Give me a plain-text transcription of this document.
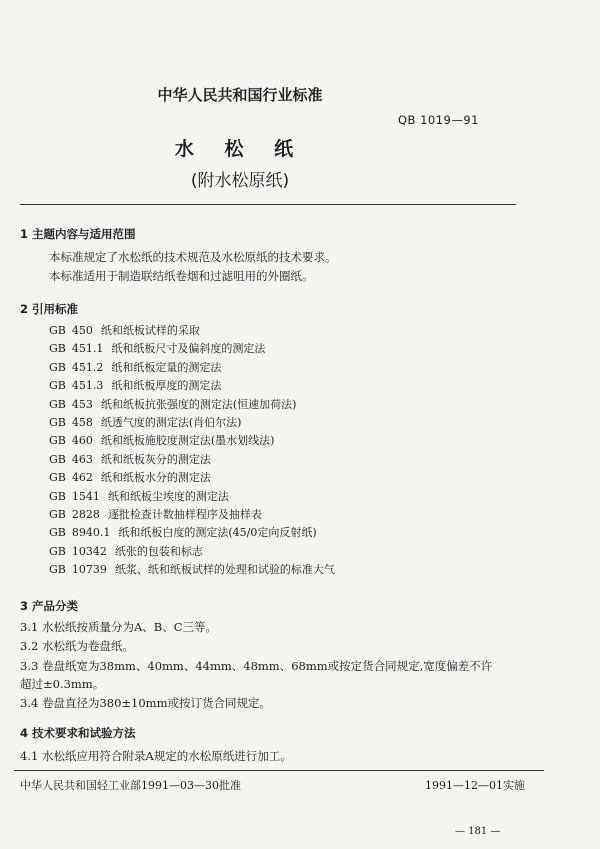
中华人民共和国行业标准
QB 1019—91
水 松 纸
(附水松原纸)
1 主题内容与适用范围
本标准规定了水松纸的技术规范及水松原纸的技术要求。
本标准适用于制造联结纸卷烟和过滤咀用的外圈纸。
2 引用标准
GB 450 纸和纸板试样的采取
GB 451.1 纸和纸板尺寸及偏斜度的测定法
GB 451.2 纸和纸板定量的测定法
GB 451.3 纸和纸板厚度的测定法
GB 453 纸和纸板抗张强度的测定法(恒速加荷法)
GB 458 纸透气度的测定法(肖伯尔法)
GB 460 纸和纸板施胶度测定法(墨水划线法)
GB 463 纸和纸板灰分的测定法
GB 462 纸和纸板水分的测定法
GB 1541 纸和纸板尘埃度的测定法
GB 2828 逐批检查计数抽样程序及抽样表
GB 8940.1 纸和纸板白度的测定法(45/0定向反射纸)
GB 10342 纸张的包装和标志
GB 10739 纸浆、纸和纸板试样的处理和试验的标准大气
3 产品分类
3.1 水松纸按质量分为A、B、C三等。
3.2 水松纸为卷盘纸。
3.3 卷盘纸宽为38mm、40mm、44mm、48mm、68mm或按定货合同规定,宽度偏差不许
超过±0.3mm。
3.4 卷盘直径为380±10mm或按订货合同规定。
4 技术要求和试验方法
4.1 水松纸应用符合附录A规定的水松原纸进行加工。
中华人民共和国轻工业部1991—03—30批准	1991—12—01实施
— 181 —
